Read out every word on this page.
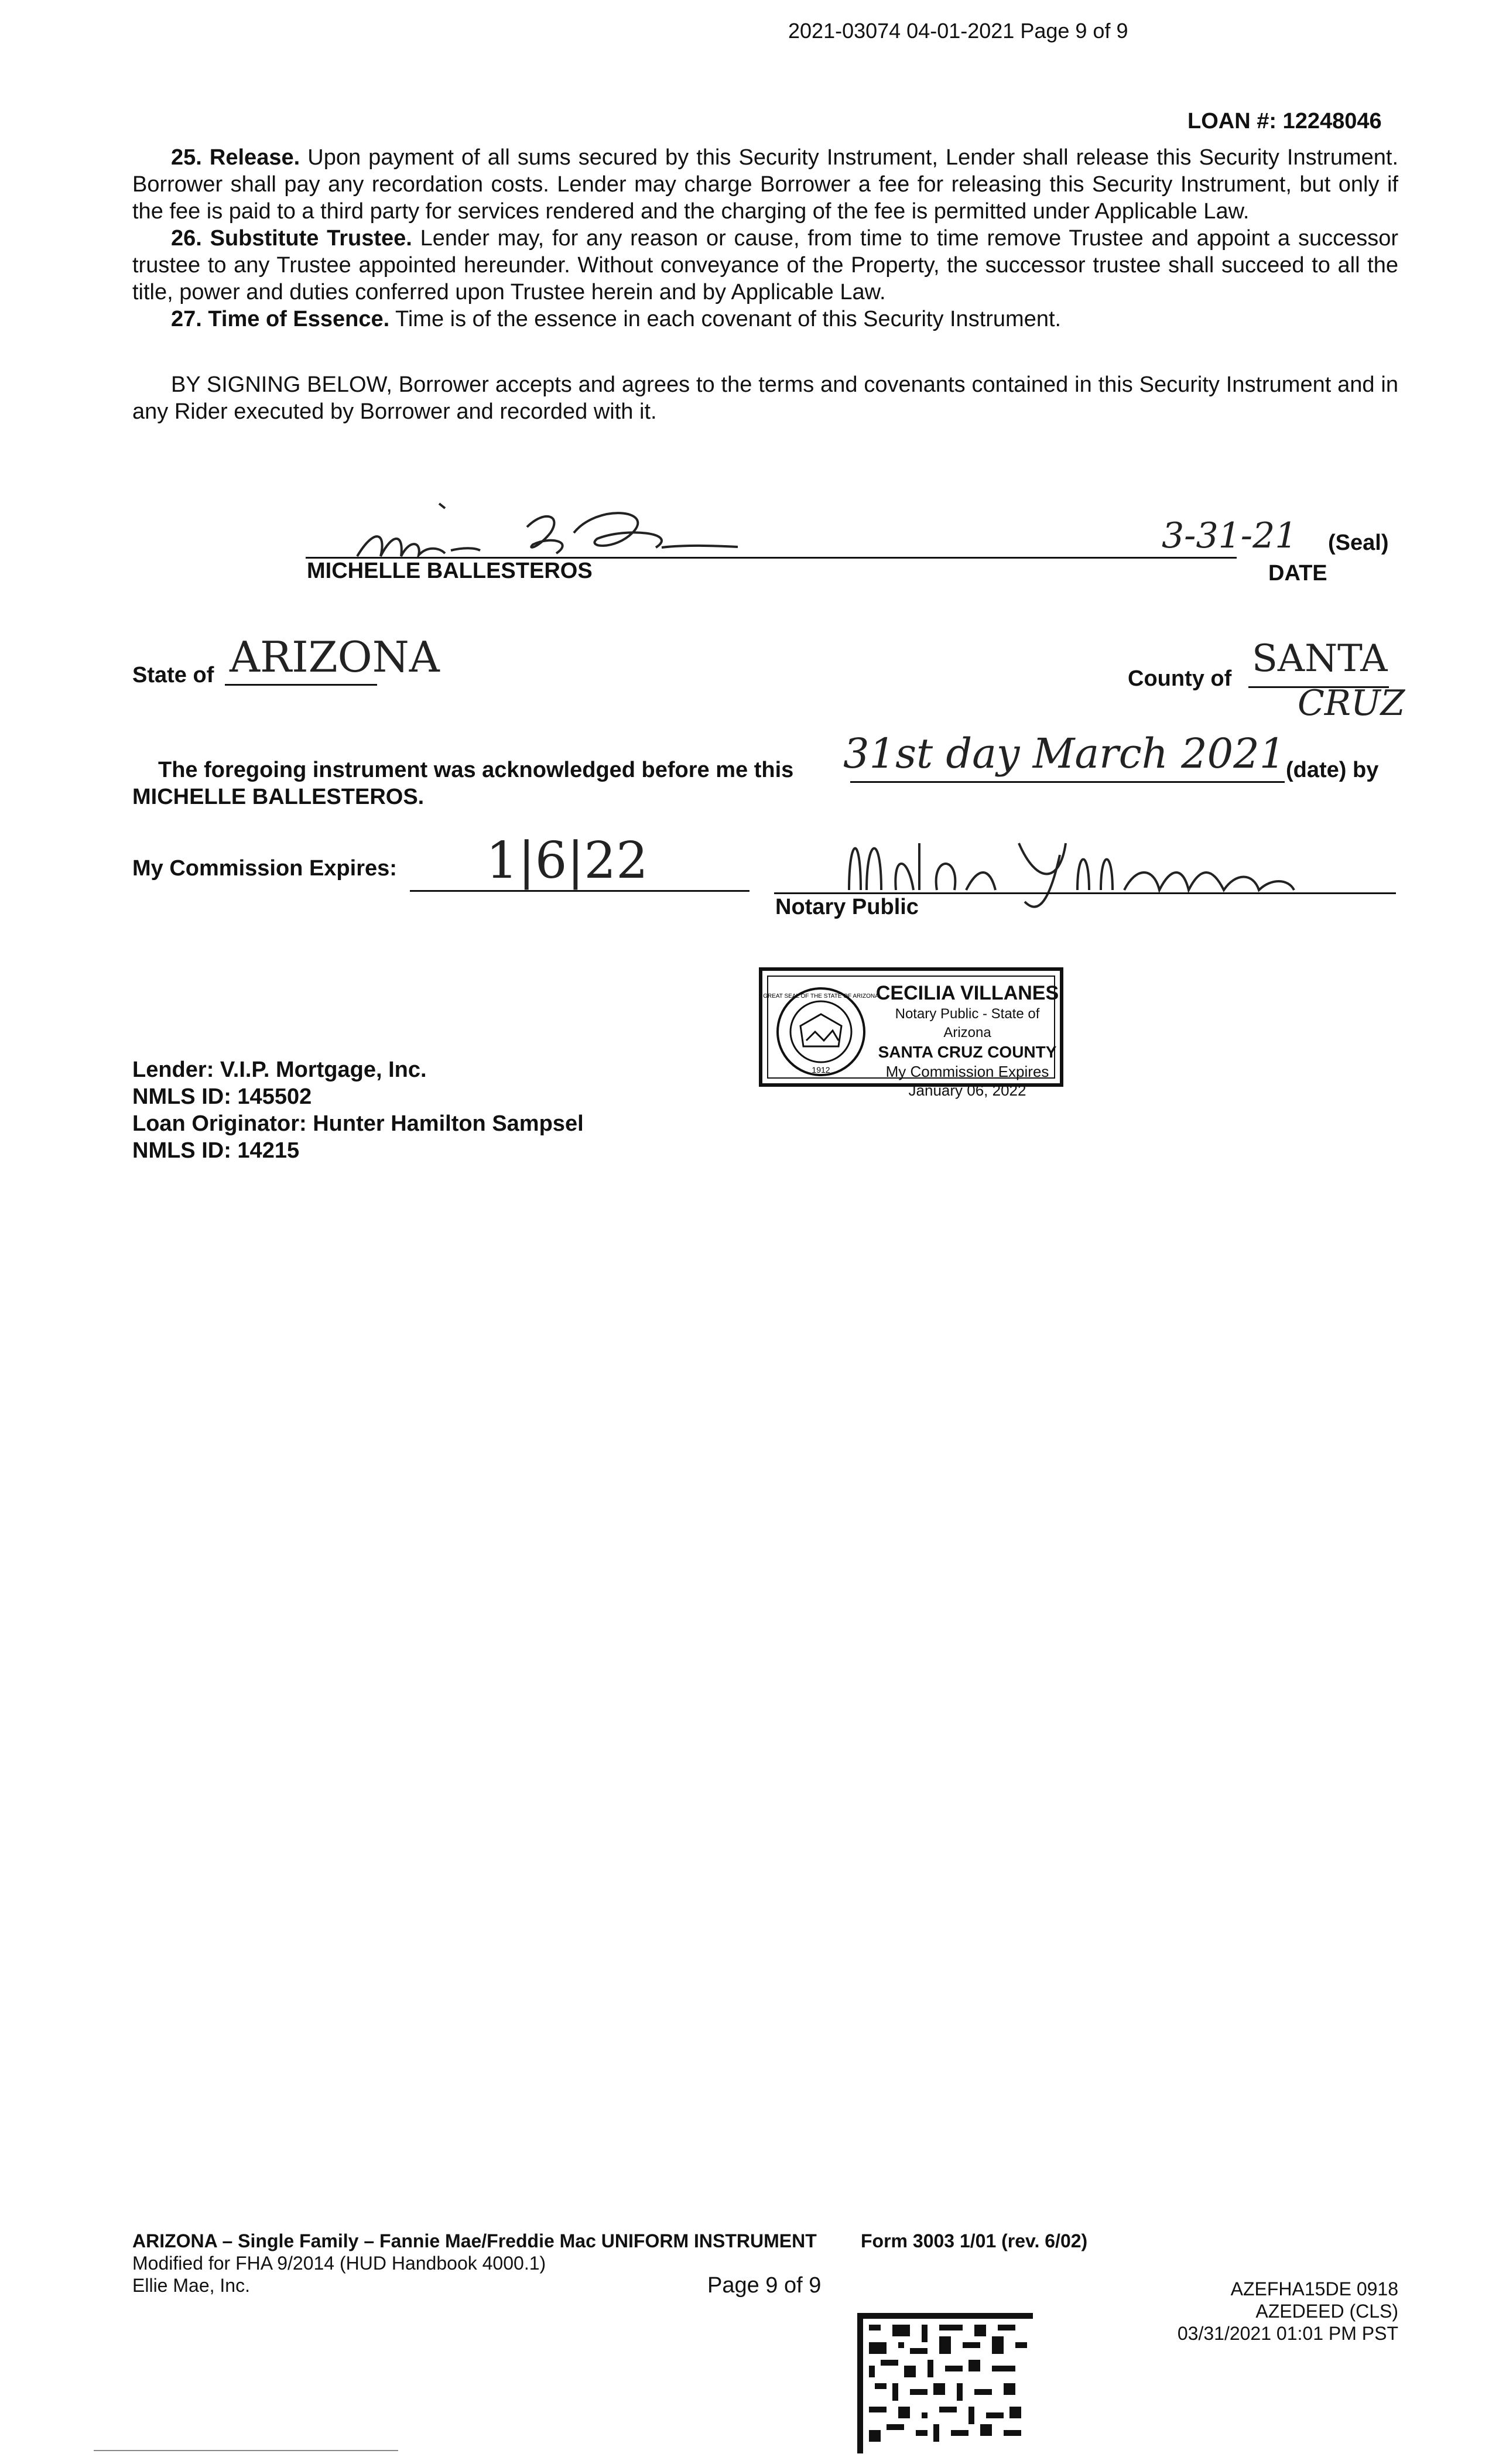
2021-03074 04-01-2021 Page 9 of 9
LOAN #: 12248046

25. Release. Upon payment of all sums secured by this Security Instrument, Lender shall release this Security Instrument. Borrower shall pay any recordation costs. Lender may charge Borrower a fee for releasing this Security Instrument, but only if the fee is paid to a third party for services rendered and the charging of the fee is permitted under Applicable Law.

26. Substitute Trustee. Lender may, for any reason or cause, from time to time remove Trustee and appoint a successor trustee to any Trustee appointed hereunder. Without conveyance of the Property, the successor trustee shall succeed to all the title, power and duties conferred upon Trustee herein and by Applicable Law.

27. Time of Essence. Time is of the essence in each covenant of this Security Instrument.

BY SIGNING BELOW, Borrower accepts and agrees to the terms and covenants contained in this Security Instrument and in any Rider executed by Borrower and recorded with it.

MICHELLE BALLESTEROS
3-31-21 (Seal)
DATE
State of ARIZONA	County of SANTA
CRUZ
The foregoing instrument was acknowledged before me this 31st day March 2021 (date) by
MICHELLE BALLESTEROS.
My Commission Expires: 1|6|22
Notary Public
1912
GREAT SEAL OF THE STATE OF ARIZONA
CECILIA VILLANES
Notary Public - State of Arizona
SANTA CRUZ COUNTY
My Commission Expires
January 06, 2022
Lender: V.I.P. Mortgage, Inc.
NMLS ID: 145502
Loan Originator: Hunter Hamilton Sampsel
NMLS ID: 14215
ARIZONA – Single Family – Fannie Mae/Freddie Mac UNIFORM INSTRUMENT
Modified for FHA 9/2014 (HUD Handbook 4000.1)
Ellie Mae, Inc.
Form 3003 1/01 (rev. 6/02)
Page 9 of 9	AZEFHA15DE 0918
AZEDEED (CLS)
03/31/2021 01:01 PM PST
